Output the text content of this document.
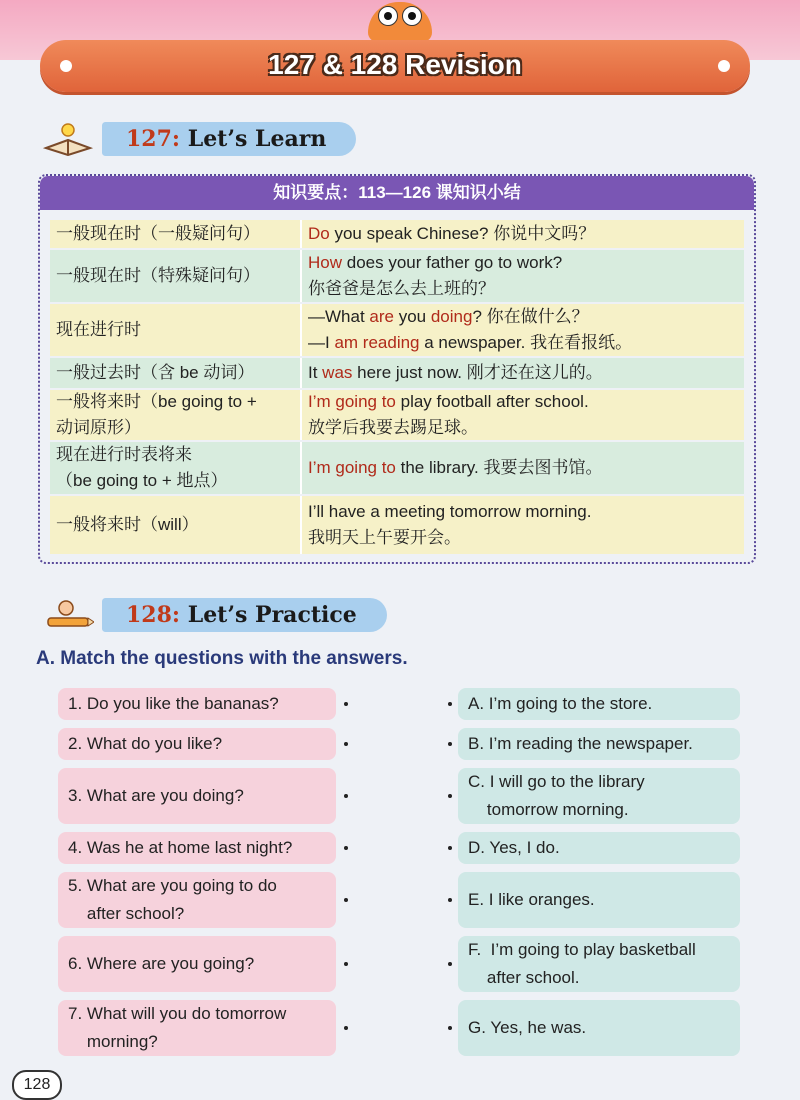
127 & 128 Revision
127: Let’s Learn
知识要点：113—126 课知识小结
一般现在时（一般疑问句）	Do you speak Chinese? 你说中文吗？
一般现在时（特殊疑问句）
How does your father go to work?
你爸爸是怎么去上班的？
现在进行时
—What are you doing? 你在做什么？
—I am reading a newspaper. 我在看报纸。
一般过去时（含 be 动词）	It was here just now. 刚才还在这儿的。
一般将来时（be going to +
动词原形）
I’m going to play football after school.
放学后我要去踢足球。
现在进行时表将来
（be going to + 地点）
I’m going to the library. 我要去图书馆。
一般将来时（will）
I’ll have a meeting tomorrow morning.
我明天上午要开会。
128: Let’s Practice
A. Match the questions with the answers.
1. Do you like the bananas?
2. What do you like?
3. What are you doing?
4. Was he at home last night?
5. What are you going to do
after school?
6. Where are you going?
7. What will you do tomorrow
morning?
A. I’m going to the store.
B. I’m reading the newspaper.
C. I will go to the library
tomorrow morning.
D. Yes, I do.
E. I like oranges.
F.  I’m going to play basketball
after school.
G. Yes, he was.
128
